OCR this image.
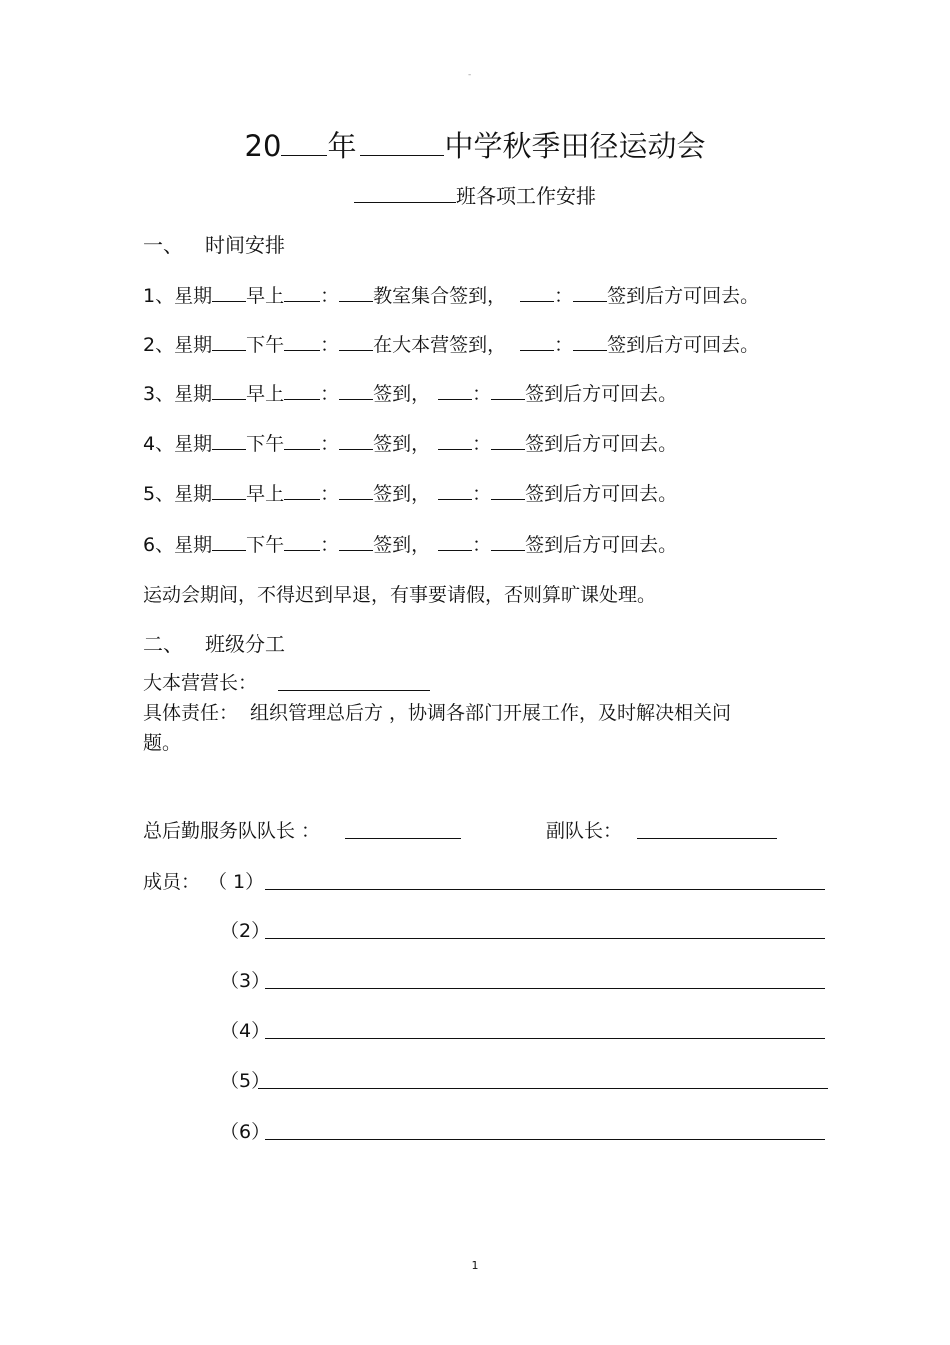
-
20 年	中学秋季田径运动会
班各项工作安排
一、 时间安排
1、星期 早上 ： 教室集合签到，	： 签到后方可回去。
2、星期 下午 ： 在大本营签到，	： 签到后方可回去。
3、星期 早上 ： 签到， ： 签到后方可回去。
4、星期 下午 ： 签到， ： 签到后方可回去。
5、星期 早上 ： 签到， ： 签到后方可回去。
6、星期 下午 ： 签到， ： 签到后方可回去。
运动会期间，不得迟到早退，有事要请假，否则算旷课处理。
二、 班级分工
大本营营长：
具体责任： 组织管理总后方 ，协调各部门开展工作，及时解决相关问
题。
总后勤服务队队长 ：	副队长：
成员： （ 1）
（2）
（3）
（4）
（5）
（6）
1
